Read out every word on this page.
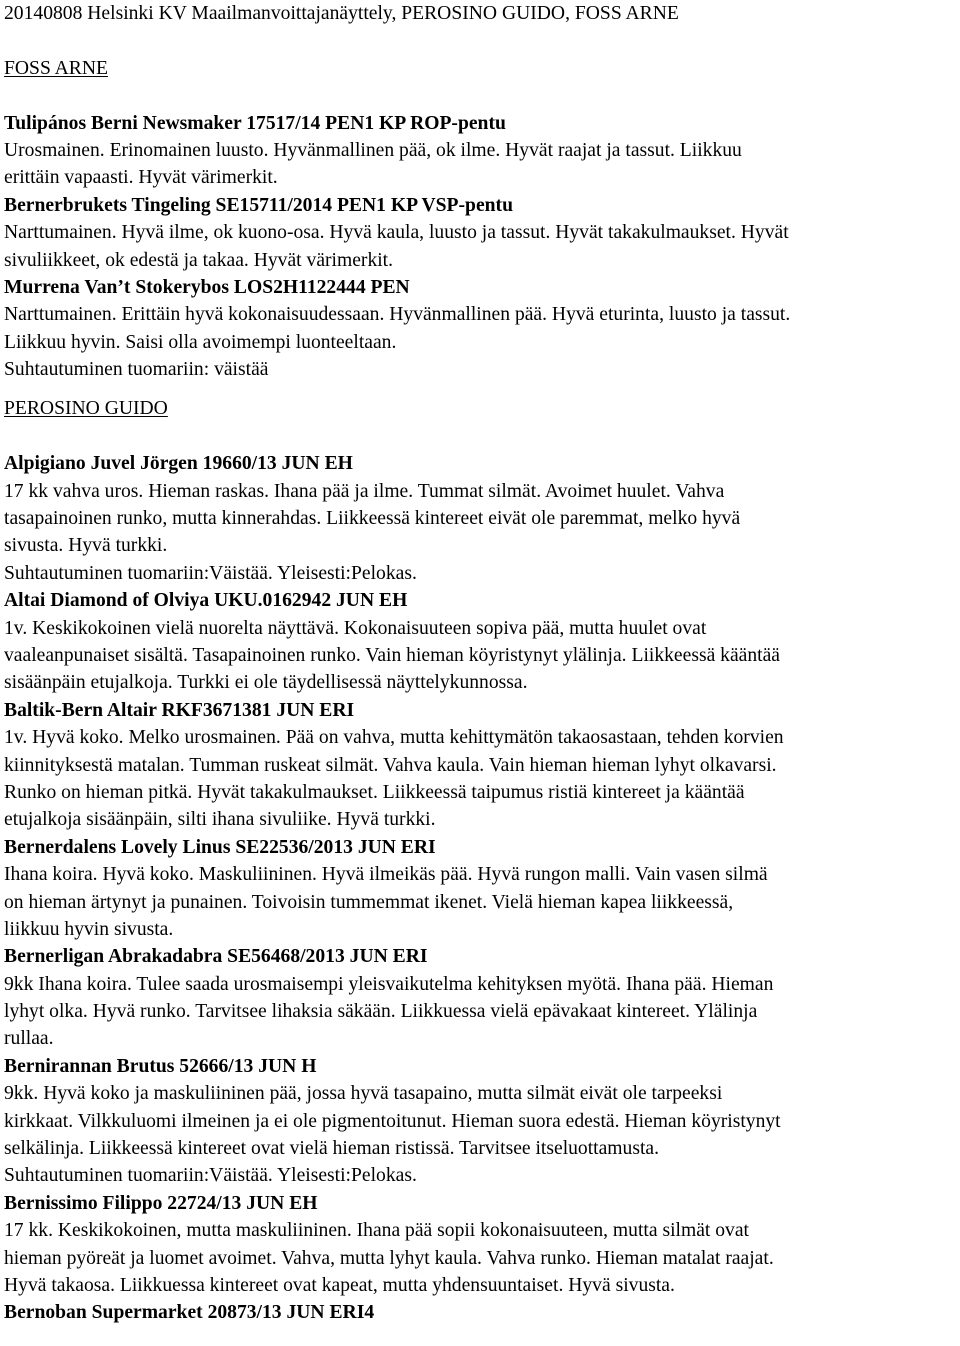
20140808 Helsinki KV Maailmanvoittajanäyttely, PEROSINO GUIDO, FOSS ARNE
FOSS ARNE
Tulipános Berni Newsmaker 17517/14 PEN1 KP ROP-pentu
Urosmainen. Erinomainen luusto. Hyvänmallinen pää, ok ilme. Hyvät raajat ja tassut. Liikkuu
erittäin vapaasti. Hyvät värimerkit.
Bernerbrukets Tingeling SE15711/2014 PEN1 KP VSP-pentu
Narttumainen. Hyvä ilme, ok kuono-osa. Hyvä kaula, luusto ja tassut. Hyvät takakulmaukset. Hyvät
sivuliikkeet, ok edestä ja takaa. Hyvät värimerkit.
Murrena Van’t Stokerybos LOS2H1122444 PEN
Narttumainen. Erittäin hyvä kokonaisuudessaan. Hyvänmallinen pää. Hyvä eturinta, luusto ja tassut.
Liikkuu hyvin. Saisi olla avoimempi luonteeltaan.
Suhtautuminen tuomariin: väistää
PEROSINO GUIDO
Alpigiano Juvel Jörgen 19660/13 JUN EH
17 kk vahva uros. Hieman raskas. Ihana pää ja ilme. Tummat silmät. Avoimet huulet. Vahva
tasapainoinen runko, mutta kinnerahdas. Liikkeessä kintereet eivät ole paremmat, melko hyvä
sivusta. Hyvä turkki.
Suhtautuminen tuomariin:Väistää. Yleisesti:Pelokas.
Altai Diamond of Olviya UKU.0162942 JUN EH
1v. Keskikokoinen vielä nuorelta näyttävä. Kokonaisuuteen sopiva pää, mutta huulet ovat
vaaleanpunaiset sisältä. Tasapainoinen runko. Vain hieman köyristynyt ylälinja. Liikkeessä kääntää
sisäänpäin etujalkoja. Turkki ei ole täydellisessä näyttelykunnossa.
Baltik-Bern Altair RKF3671381 JUN ERI
1v. Hyvä koko. Melko urosmainen. Pää on vahva, mutta kehittymätön takaosastaan, tehden korvien
kiinnityksestä matalan. Tumman ruskeat silmät. Vahva kaula. Vain hieman hieman lyhyt olkavarsi.
Runko on hieman pitkä. Hyvät takakulmaukset. Liikkeessä taipumus ristiä kintereet ja kääntää
etujalkoja sisäänpäin, silti ihana sivuliike. Hyvä turkki.
Bernerdalens Lovely Linus SE22536/2013 JUN ERI
Ihana koira. Hyvä koko. Maskuliininen. Hyvä ilmeikäs pää. Hyvä rungon malli. Vain vasen silmä
on hieman ärtynyt ja punainen. Toivoisin tummemmat ikenet. Vielä hieman kapea liikkeessä,
liikkuu hyvin sivusta.
Bernerligan Abrakadabra SE56468/2013 JUN ERI
9kk Ihana koira. Tulee saada urosmaisempi yleisvaikutelma kehityksen myötä. Ihana pää. Hieman
lyhyt olka. Hyvä runko. Tarvitsee lihaksia säkään. Liikkuessa vielä epävakaat kintereet. Ylälinja
rullaa.
Bernirannan Brutus 52666/13 JUN H
9kk. Hyvä koko ja maskuliininen pää, jossa hyvä tasapaino, mutta silmät eivät ole tarpeeksi
kirkkaat. Vilkkuluomi ilmeinen ja ei ole pigmentoitunut. Hieman suora edestä. Hieman köyristynyt
selkälinja. Liikkeessä kintereet ovat vielä hieman ristissä. Tarvitsee itseluottamusta.
Suhtautuminen tuomariin:Väistää. Yleisesti:Pelokas.
Bernissimo Filippo 22724/13 JUN EH
17 kk. Keskikokoinen, mutta maskuliininen. Ihana pää sopii kokonaisuuteen, mutta silmät ovat
hieman pyöreät ja luomet avoimet. Vahva, mutta lyhyt kaula. Vahva runko. Hieman matalat raajat.
Hyvä takaosa. Liikkuessa kintereet ovat kapeat, mutta yhdensuuntaiset. Hyvä sivusta.
Bernoban Supermarket 20873/13 JUN ERI4
